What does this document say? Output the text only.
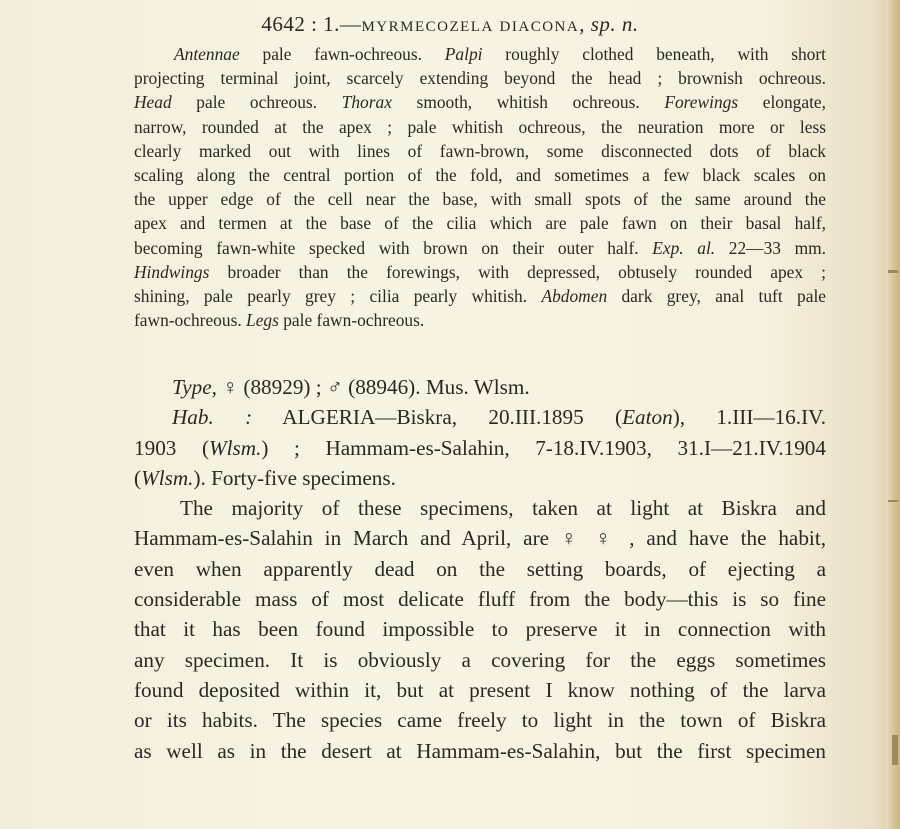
4642 : 1.—MYRMECOZELA DIACONA, sp. n.
Antennae pale fawn-ochreous. Palpi roughly clothed beneath, with short
projecting terminal joint, scarcely extending beyond the head ; brownish ochreous.
Head pale ochreous. Thorax smooth, whitish ochreous. Forewings elongate,
narrow, rounded at the apex ; pale whitish ochreous, the neuration more or less
clearly marked out with lines of fawn-brown, some disconnected dots of black
scaling along the central portion of the fold, and sometimes a few black scales on
the upper edge of the cell near the base, with small spots of the same around the
apex and termen at the base of the cilia which are pale fawn on their basal half,
becoming fawn-white specked with brown on their outer half. Exp. al. 22—33 mm.
Hindwings broader than the forewings, with depressed, obtusely rounded apex ;
shining, pale pearly grey ; cilia pearly whitish. Abdomen dark grey, anal tuft pale
fawn-ochreous. Legs pale fawn-ochreous.
Type, ♀ (88929) ; ♂ (88946). Mus. Wlsm.
Hab. : ALGERIA—Biskra, 20.III.1895 (Eaton), 1.III—16.IV.
1903 (Wlsm.) ; Hammam-es-Salahin, 7-18.IV.1903, 31.I—21.IV.1904
(Wlsm.). Forty-five specimens.
The majority of these specimens, taken at light at Biskra and
Hammam-es-Salahin in March and April, are ♀ ♀ , and have the habit,
even when apparently dead on the setting boards, of ejecting a
considerable mass of most delicate fluff from the body—this is so fine
that it has been found impossible to preserve it in connection with
any specimen. It is obviously a covering for the eggs sometimes
found deposited within it, but at present I know nothing of the larva
or its habits. The species came freely to light in the town of Biskra
as well as in the desert at Hammam-es-Salahin, but the first specimen
